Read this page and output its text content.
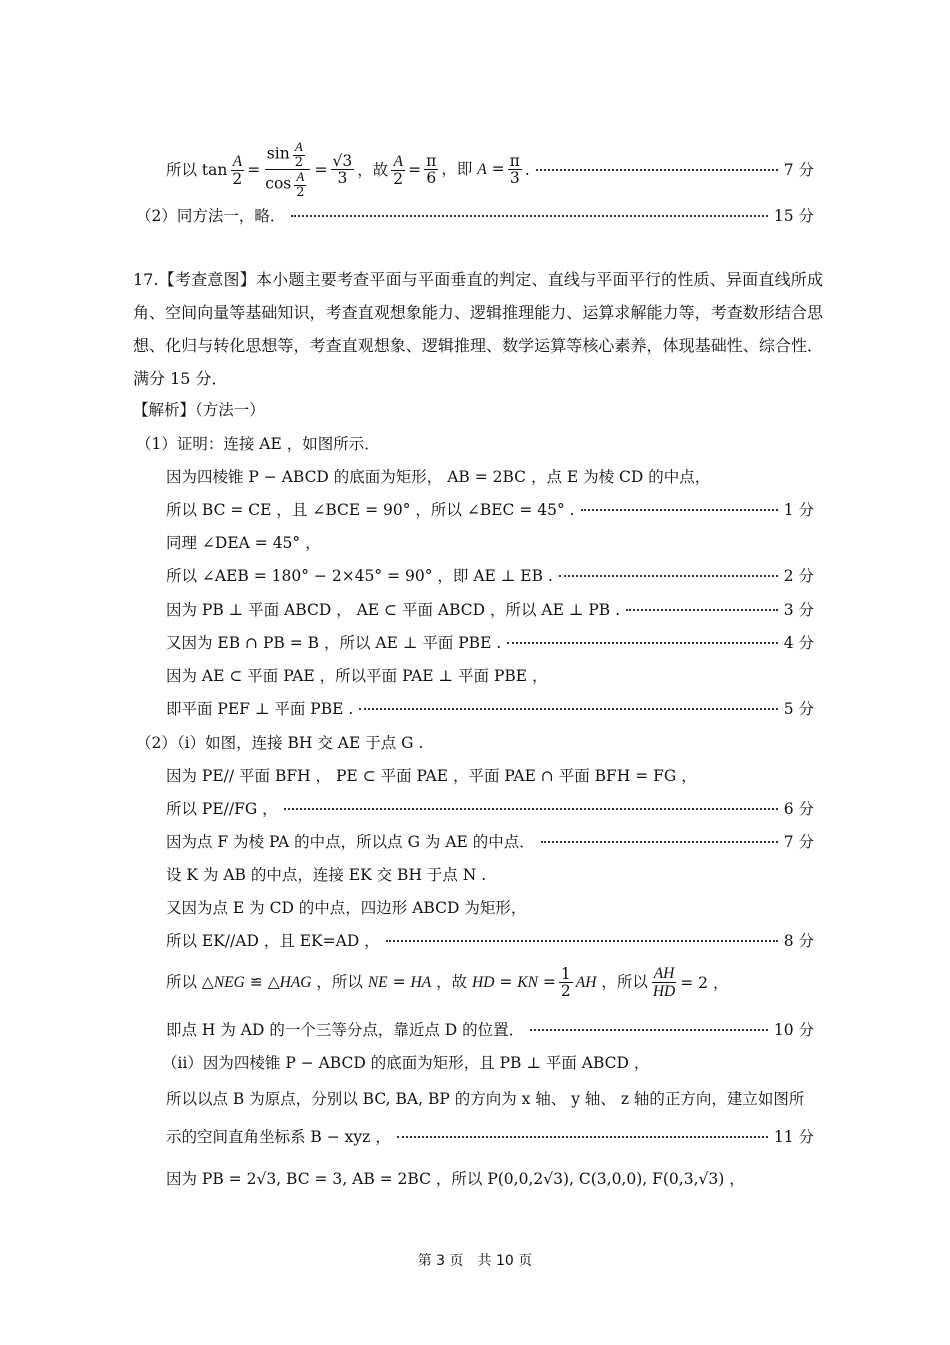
所以 $\tan \frac{A}{2} = \frac{\sin \frac{A}{2}}{\cos \frac{A}{2}} = \frac{√3}{3}$ ，故 $\frac{A}{2} = \frac{\pi}{6}$ ，即 $A = \frac{\pi}{3}$ .	7 分
（2）同方法一，略．	15 分
17.【考查意图】本小题主要考查平面与平面垂直的判定、直线与平面平行的性质、异面直线所成角、空间向量等基础知识，考查直观想象能力、逻辑推理能力、运算求解能力等，考查数形结合思想、化归与转化思想等，考查直观想象、逻辑推理、数学运算等核心素养，体现基础性、综合性．满分 15 分．
【解析】（方法一）
（1）证明：连接 AE ，如图所示．
因为四棱锥 P − ABCD 的底面为矩形， AB = 2BC ，点 E 为棱 CD 的中点，
所以 BC = CE ，且 ∠BCE = 90° ，所以 ∠BEC = 45° .	1 分
同理 ∠DEA = 45° ，
所以 ∠AEB = 180° − 2×45° = 90° ，即 AE ⊥ EB .	2 分
因为 PB ⊥ 平面 ABCD ， AE ⊂ 平面 ABCD ，所以 AE ⊥ PB .	3 分
又因为 EB ∩ PB = B ，所以 AE ⊥ 平面 PBE .	4 分
因为 AE ⊂ 平面 PAE ，所以平面 PAE ⊥ 平面 PBE ，
即平面 PEF ⊥ 平面 PBE .	5 分
（2）（ⅰ）如图，连接 BH 交 AE 于点 G .
因为 PE// 平面 BFH ， PE ⊂ 平面 PAE ，平面 PAE ∩ 平面 BFH = FG ，
所以 PE//FG ，	6 分
因为点 F 为棱 PA 的中点，所以点 G 为 AE 的中点．	7 分
设 K 为 AB 的中点，连接 EK 交 BH 于点 N .
又因为点 E 为 CD 的中点，四边形 ABCD 为矩形，
所以 EK//AD ，且 EK=AD ，	8 分
所以 △NEG ≌ △HAG ，所以 NE = HA ，故 HD = KN = $\frac{1}{2}$ AH ，所以 $\frac{AH}{HD} = 2$ ，
即点 H 为 AD 的一个三等分点，靠近点 D 的位置．	10 分
（ⅱ）因为四棱锥 P − ABCD 的底面为矩形，且 PB ⊥ 平面 ABCD ，
所以以点 B 为原点，分别以 BC, BA, BP 的方向为 x 轴、 y 轴、 z 轴的正方向，建立如图所
示的空间直角坐标系 B − xyz ，	11 分
因为 PB = 2√3, BC = 3, AB = 2BC ，所以 P(0,0,2√3), C(3,0,0), F(0,3,√3) ，
第 3 页　共 10 页
